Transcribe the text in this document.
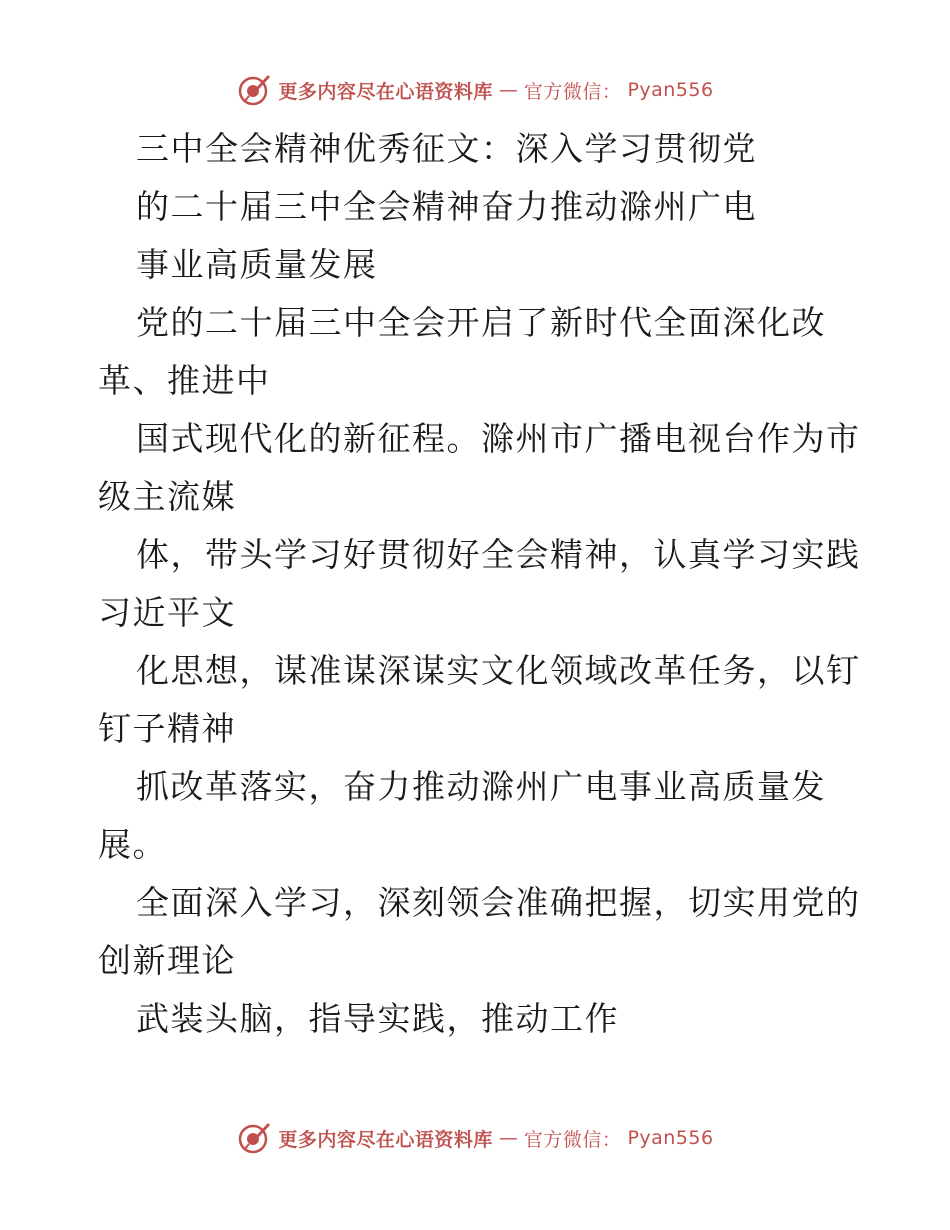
更多内容尽在心语资料库 — 官方微信： Pyan556
三中全会精神优秀征文：深入学习贯彻党
的二十届三中全会精神奋力推动滁州广电
事业高质量发展
党的二十届三中全会开启了新时代全面深化改
革、推进中
国式现代化的新征程。滁州市广播电视台作为市
级主流媒
体，带头学习好贯彻好全会精神，认真学习实践
习近平文
化思想，谋准谋深谋实文化领域改革任务，以钉
钉子精神
抓改革落实，奋力推动滁州广电事业高质量发
展。
全面深入学习，深刻领会准确把握，切实用党的
创新理论
武装头脑，指导实践，推动工作
更多内容尽在心语资料库 — 官方微信： Pyan556
